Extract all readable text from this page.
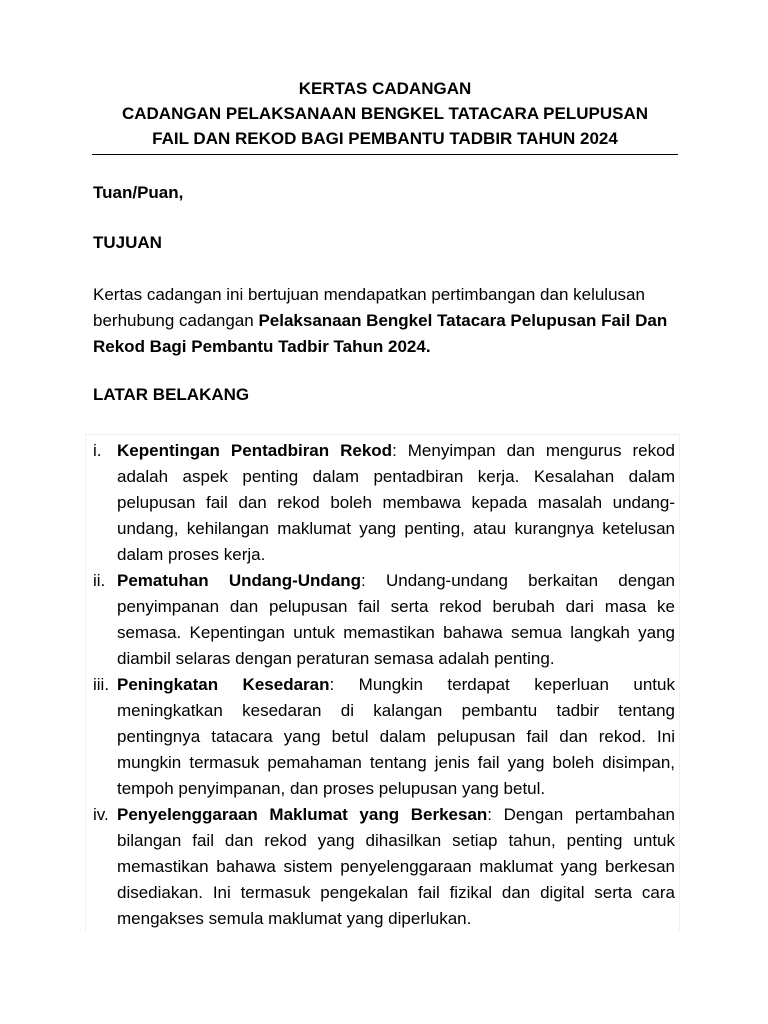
KERTAS CADANGAN
CADANGAN PELAKSANAAN BENGKEL TATACARA PELUPUSAN
FAIL DAN REKOD BAGI PEMBANTU TADBIR TAHUN 2024
Tuan/Puan,
TUJUAN

Kertas cadangan ini bertujuan mendapatkan pertimbangan dan kelulusan berhubung cadangan Pelaksanaan Bengkel Tatacara Pelupusan Fail Dan Rekod Bagi Pembantu Tadbir Tahun 2024.

LATAR BELAKANG
i. Kepentingan Pentadbiran Rekod: Menyimpan dan mengurus rekod adalah aspek penting dalam pentadbiran kerja. Kesalahan dalam pelupusan fail dan rekod boleh membawa kepada masalah undang-undang, kehilangan maklumat yang penting, atau kurangnya ketelusan dalam proses kerja.
ii. Pematuhan Undang-Undang: Undang-undang berkaitan dengan penyimpanan dan pelupusan fail serta rekod berubah dari masa ke semasa. Kepentingan untuk memastikan bahawa semua langkah yang diambil selaras dengan peraturan semasa adalah penting.
iii. Peningkatan Kesedaran: Mungkin terdapat keperluan untuk meningkatkan kesedaran di kalangan pembantu tadbir tentang pentingnya tatacara yang betul dalam pelupusan fail dan rekod. Ini mungkin termasuk pemahaman tentang jenis fail yang boleh disimpan, tempoh penyimpanan, dan proses pelupusan yang betul.
iv. Penyelenggaraan Maklumat yang Berkesan: Dengan pertambahan bilangan fail dan rekod yang dihasilkan setiap tahun, penting untuk memastikan bahawa sistem penyelenggaraan maklumat yang berkesan disediakan. Ini termasuk pengekalan fail fizikal dan digital serta cara mengakses semula maklumat yang diperlukan.
